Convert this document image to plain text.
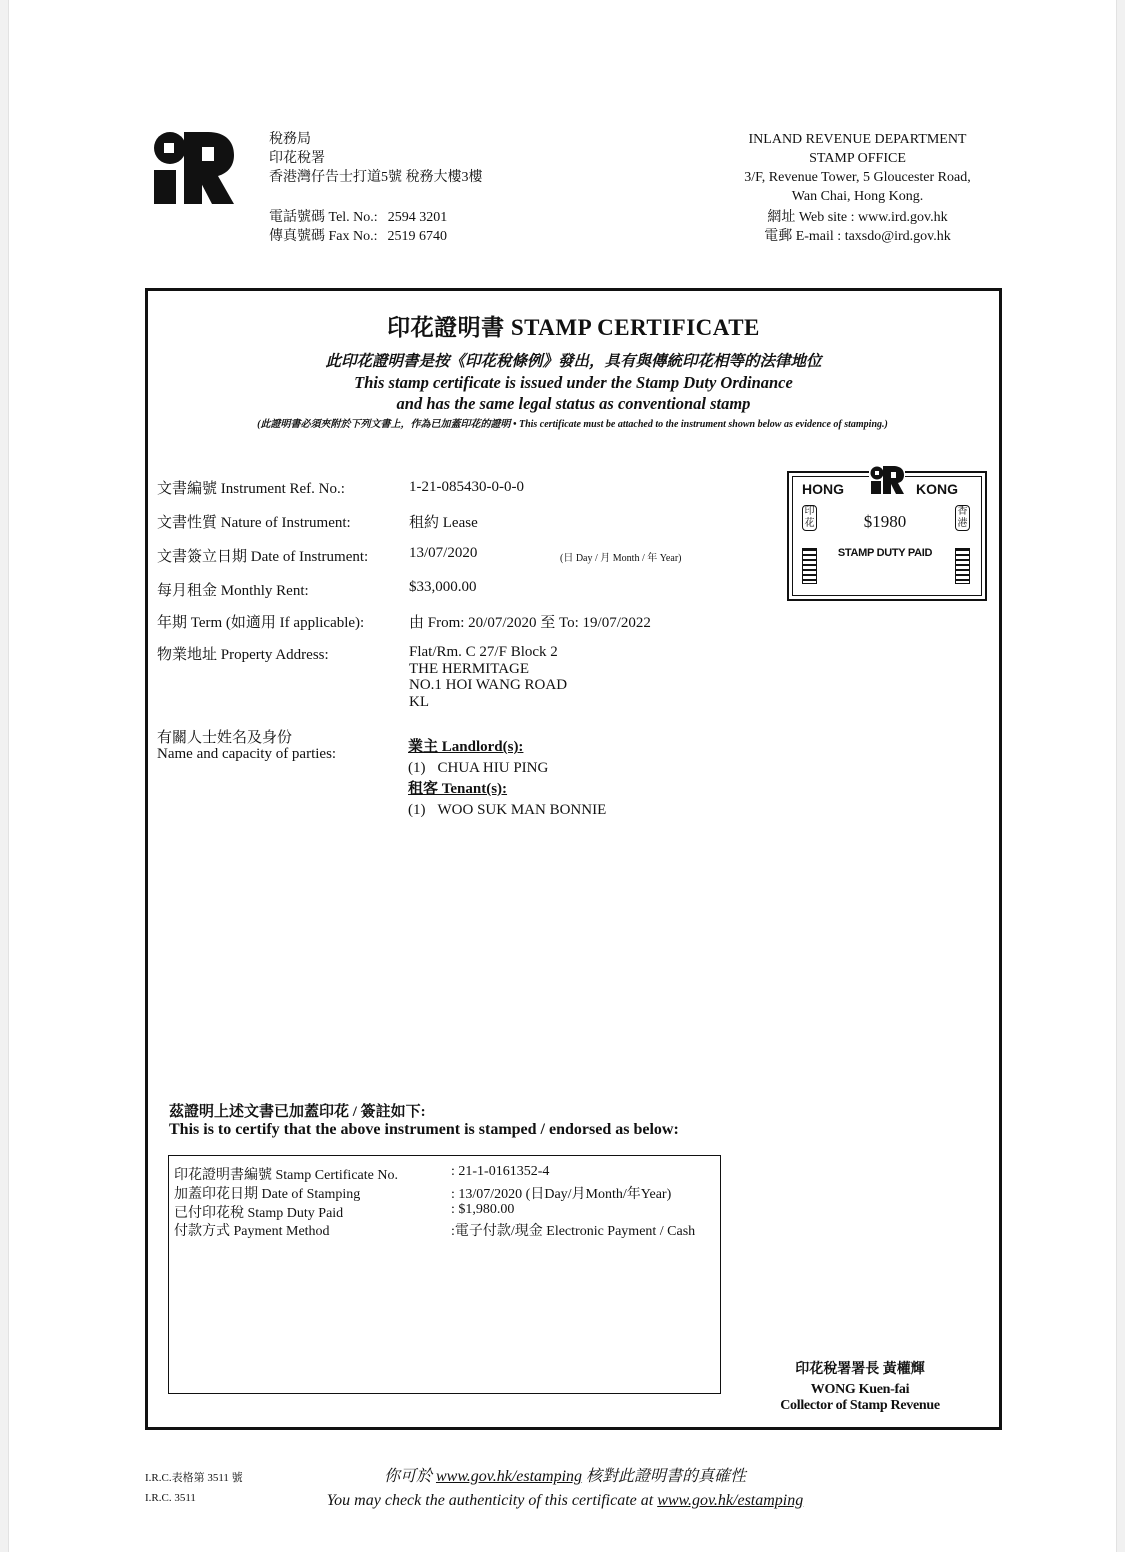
稅務局
印花稅署
香港灣仔告士打道5號 稅務大樓3樓
電話號碼 Tel. No.: 2594 3201
傳真號碼 Fax No.: 2519 6740
INLAND REVENUE DEPARTMENT
STAMP OFFICE
3/F, Revenue Tower, 5 Gloucester Road,
Wan Chai, Hong Kong.
網址 Web site : www.ird.gov.hk
電郵 E-mail : taxsdo@ird.gov.hk
印花證明書 STAMP CERTIFICATE
此印花證明書是按《印花稅條例》發出，具有與傳統印花相等的法律地位
This stamp certificate is issued under the Stamp Duty Ordinance
and has the same legal status as conventional stamp
(此證明書必須夾附於下列文書上，作為已加蓋印花的證明 • This certificate must be attached to the instrument shown below as evidence of stamping.)
文書編號 Instrument Ref. No.:	1-21-085430-0-0-0
文書性質 Nature of Instrument:	租約 Lease
文書簽立日期 Date of Instrument:	13/07/2020	(日 Day / 月 Month / 年 Year)
每月租金 Monthly Rent:	$33,000.00
年期 Term (如適用 If applicable):	由 From: 20/07/2020 至 To: 19/07/2022
物業地址 Property Address:	Flat/Rm. C 27/F Block 2
THE HERMITAGE
NO.1 HOI WANG ROAD
KL
有關人士姓名及身份
Name and capacity of parties:	業主 Landlord(s):
(1) CHUA HIU PING
租客 Tenant(s):
(1) WOO SUK MAN BONNIE
HONG	KONG
$1980
STAMP DUTY PAID
印花
香港
茲證明上述文書已加蓋印花 / 簽註如下:
This is to certify that the above instrument is stamped / endorsed as below:
印花證明書編號 Stamp Certificate No.	: 21-1-0161352-4
加蓋印花日期 Date of Stamping	: 13/07/2020 (日Day/月Month/年Year)
已付印花稅 Stamp Duty Paid	: $1,980.00
付款方式 Payment Method	:電子付款/現金 Electronic Payment / Cash
印花稅署署長 黃權輝
WONG Kuen-fai
Collector of Stamp Revenue
I.R.C.表格第 3511 號
I.R.C. 3511
你可於 www.gov.hk/estamping 核對此證明書的真確性
You may check the authenticity of this certificate at www.gov.hk/estamping
